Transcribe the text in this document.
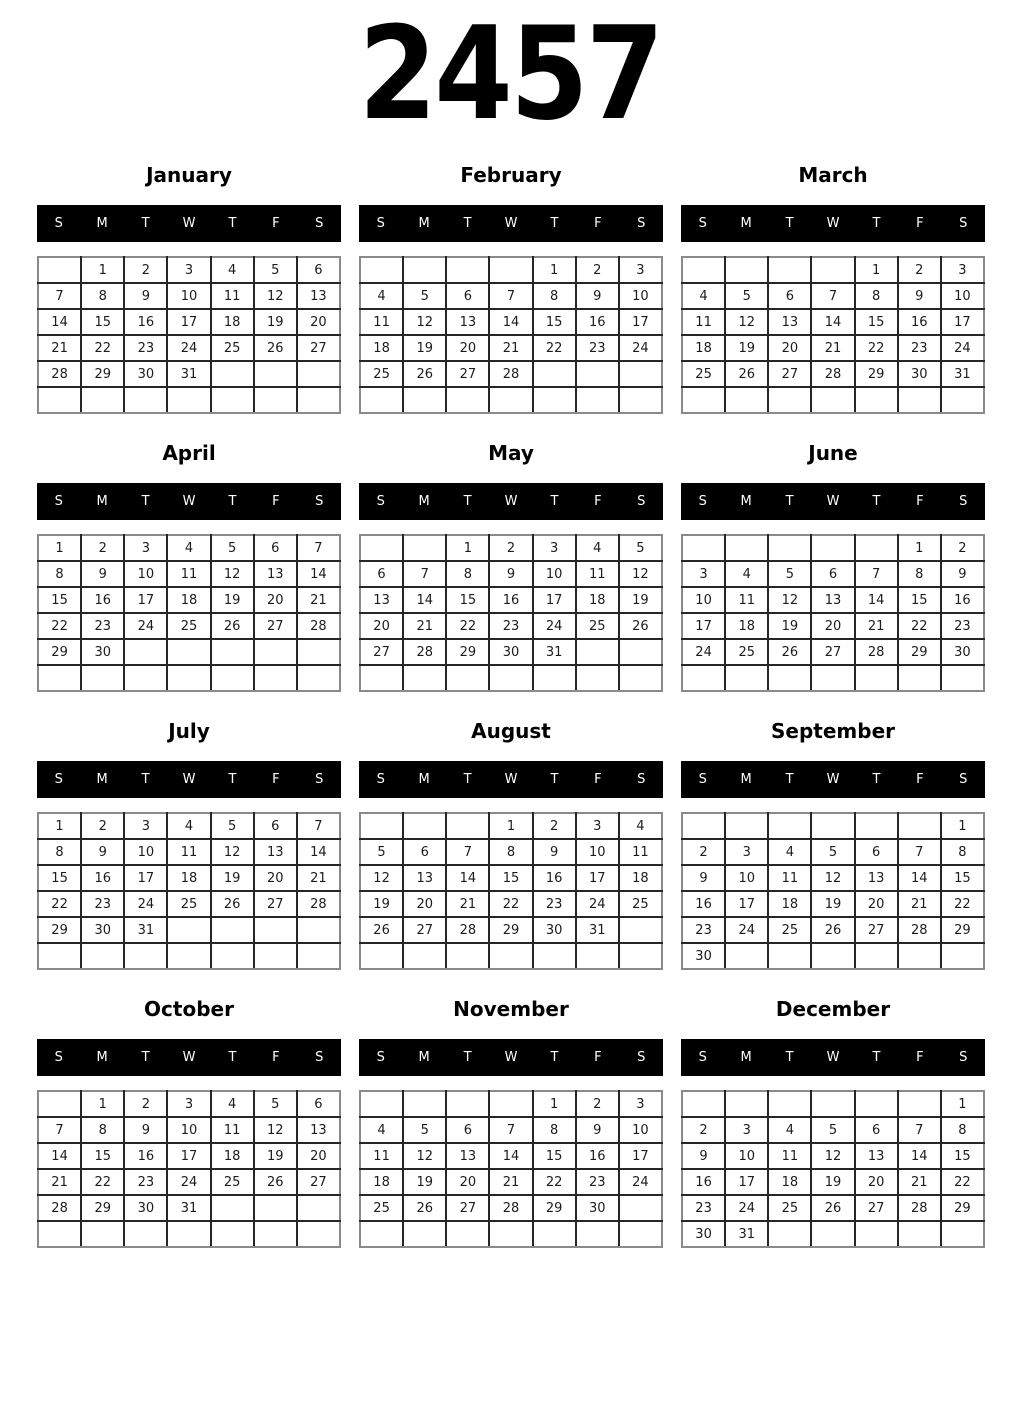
2457
January
S	M	T	W	T	F	S
	1	2	3	4	5	6
7	8	9	10	11	12	13
14	15	16	17	18	19	20
21	22	23	24	25	26	27
28	29	30	31			

February
S	M	T	W	T	F	S
				1	2	3
4	5	6	7	8	9	10
11	12	13	14	15	16	17
18	19	20	21	22	23	24
25	26	27	28			

March
S	M	T	W	T	F	S
				1	2	3
4	5	6	7	8	9	10
11	12	13	14	15	16	17
18	19	20	21	22	23	24
25	26	27	28	29	30	31

April
S	M	T	W	T	F	S
1	2	3	4	5	6	7
8	9	10	11	12	13	14
15	16	17	18	19	20	21
22	23	24	25	26	27	28
29	30					

May
S	M	T	W	T	F	S
		1	2	3	4	5
6	7	8	9	10	11	12
13	14	15	16	17	18	19
20	21	22	23	24	25	26
27	28	29	30	31		

June
S	M	T	W	T	F	S
					1	2
3	4	5	6	7	8	9
10	11	12	13	14	15	16
17	18	19	20	21	22	23
24	25	26	27	28	29	30

July
S	M	T	W	T	F	S
1	2	3	4	5	6	7
8	9	10	11	12	13	14
15	16	17	18	19	20	21
22	23	24	25	26	27	28
29	30	31				

August
S	M	T	W	T	F	S
			1	2	3	4
5	6	7	8	9	10	11
12	13	14	15	16	17	18
19	20	21	22	23	24	25
26	27	28	29	30	31	

September
S	M	T	W	T	F	S
						1
2	3	4	5	6	7	8
9	10	11	12	13	14	15
16	17	18	19	20	21	22
23	24	25	26	27	28	29
30						
October
S	M	T	W	T	F	S
	1	2	3	4	5	6
7	8	9	10	11	12	13
14	15	16	17	18	19	20
21	22	23	24	25	26	27
28	29	30	31			

November
S	M	T	W	T	F	S
				1	2	3
4	5	6	7	8	9	10
11	12	13	14	15	16	17
18	19	20	21	22	23	24
25	26	27	28	29	30	

December
S	M	T	W	T	F	S
						1
2	3	4	5	6	7	8
9	10	11	12	13	14	15
16	17	18	19	20	21	22
23	24	25	26	27	28	29
30	31					
